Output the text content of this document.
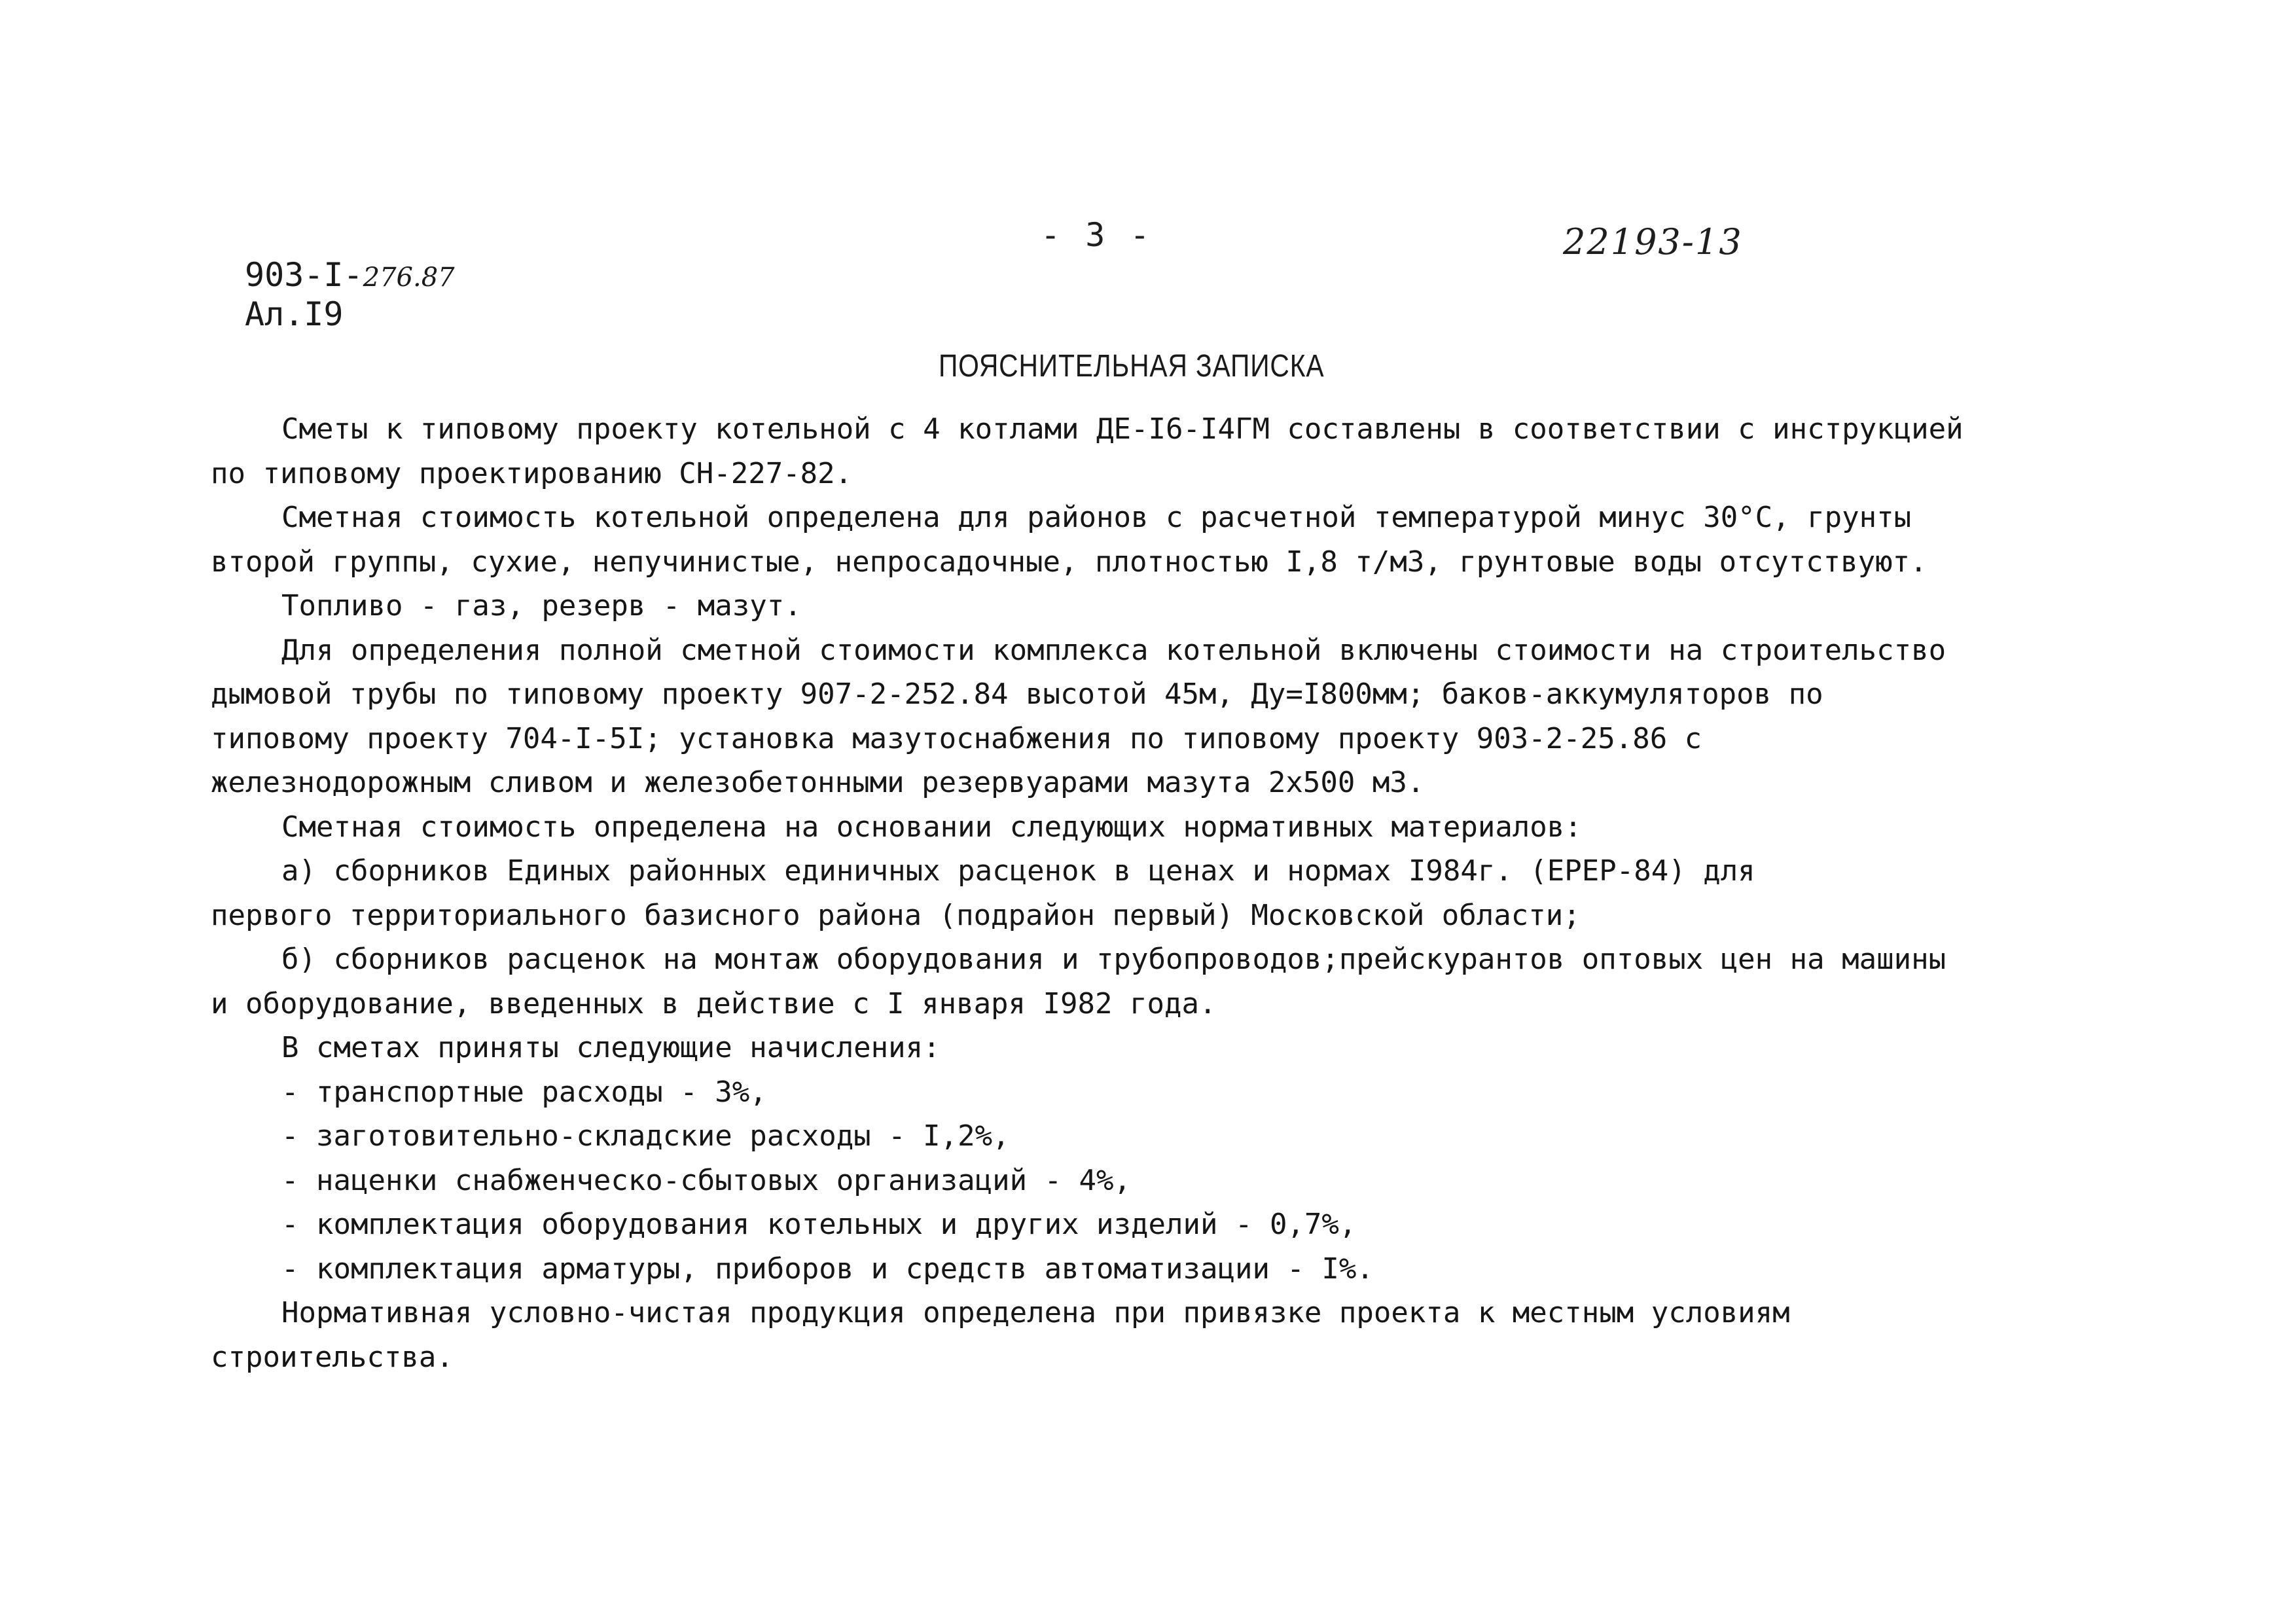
- 3 -	22193-13
903-I-276.87
Ал.I9
ПОЯСНИТЕЛЬНАЯ ЗАПИСКА
Сметы к типовому проекту котельной с 4 котлами ДЕ-I6-I4ГМ составлены в соответствии с инструкцией
по типовому проектированию СН-227-82.
Сметная стоимость котельной определена для районов с расчетной температурой минус 30°С, грунты
второй группы, сухие, непучинистые, непросадочные, плотностью I,8 т/м3, грунтовые воды отсутствуют.
Топливо - газ, резерв - мазут.
Для определения полной сметной стоимости комплекса котельной включены стоимости на строительство
дымовой трубы по типовому проекту 907-2-252.84 высотой 45м, Ду=I800мм; баков-аккумуляторов по
типовому проекту 704-I-5I; установка мазутоснабжения по типовому проекту 903-2-25.86 с
железнодорожным сливом и железобетонными резервуарами мазута 2х500 м3.
Сметная стоимость определена на основании следующих нормативных материалов:
а) сборников Единых районных единичных расценок в ценах и нормах I984г. (ЕРЕР-84) для
первого территориального базисного района (подрайон первый) Московской области;
б) сборников расценок на монтаж оборудования и трубопроводов;прейскурантов оптовых цен на машины
и оборудование, введенных в действие с I января I982 года.
В сметах приняты следующие начисления:
- транспортные расходы - 3%,
- заготовительно-складские расходы - I,2%,
- наценки снабженческо-сбытовых организаций - 4%,
- комплектация оборудования котельных и других изделий - 0,7%,
- комплектация арматуры, приборов и средств автоматизации - I%.
Нормативная условно-чистая продукция определена при привязке проекта к местным условиям
строительства.
